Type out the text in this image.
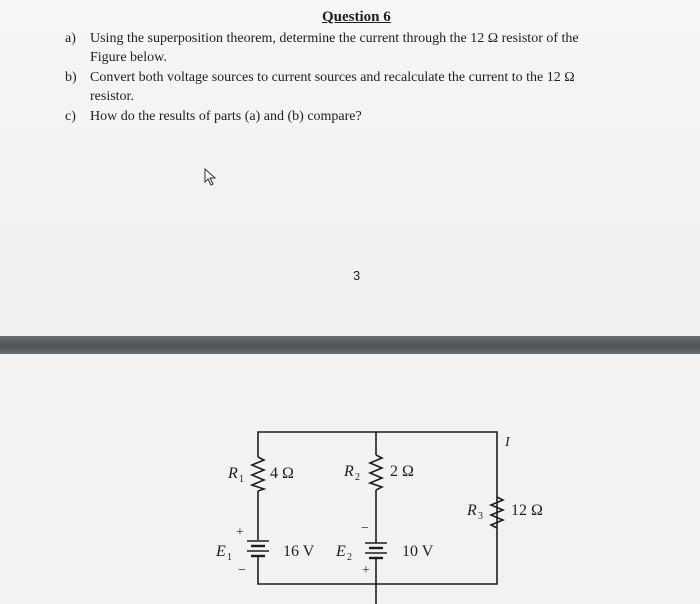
Question 6
a) Using the superposition theorem, determine the current through the 12 Ω resistor of the
Figure below.
b) Convert both voltage sources to current sources and recalculate the current to the 12 Ω
resistor.
c) How do the results of parts (a) and (b) compare?
3
R 1 4 Ω	R 2 2 Ω
R 3 12 Ω
E 1	16 V
+
−
E 2	10 V
+
−
I
